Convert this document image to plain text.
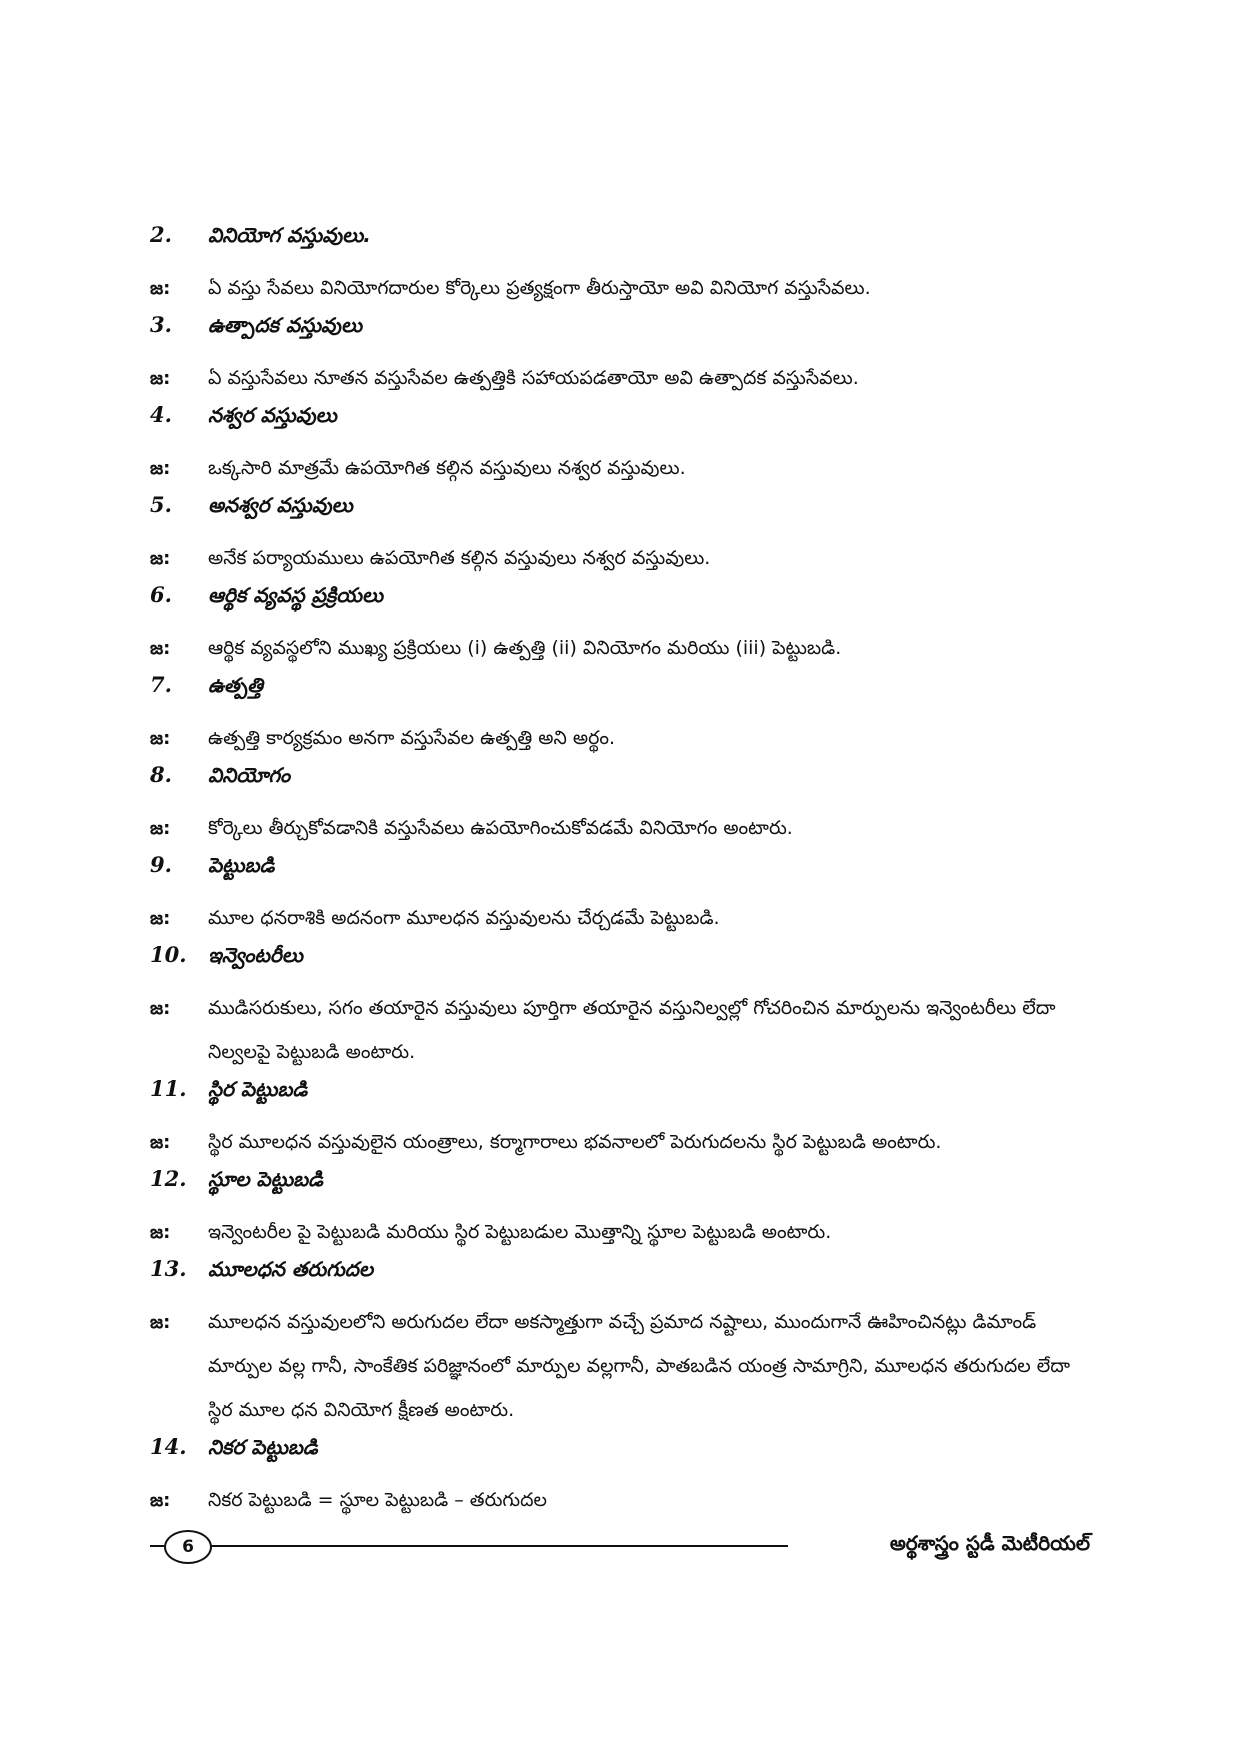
2.	వినియోగ వస్తువులు.
జ:	ఏ వస్తు సేవలు వినియోగదారుల కోర్కెలు ప్రత్యక్షంగా తీరుస్తాయో అవి వినియోగ వస్తుసేవలు.
3.	ఉత్పాదక వస్తువులు
జ:	ఏ వస్తుసేవలు నూతన వస్తుసేవల ఉత్పత్తికి సహాయపడతాయో అవి ఉత్పాదక వస్తుసేవలు.
4.	నశ్వర వస్తువులు
జ:	ఒక్కసారి మాత్రమే ఉపయోగిత కల్గిన వస్తువులు నశ్వర వస్తువులు.
5.	అనశ్వర వస్తువులు
జ:	అనేక పర్యాయములు ఉపయోగిత కల్గిన వస్తువులు నశ్వర వస్తువులు.
6.	ఆర్థిక వ్యవస్థ ప్రక్రియలు
జ:	ఆర్థిక వ్యవస్థలోని ముఖ్య ప్రక్రియలు (i) ఉత్పత్తి (ii) వినియోగం మరియు (iii) పెట్టుబడి.
7.	ఉత్పత్తి
జ:	ఉత్పత్తి కార్యక్రమం అనగా వస్తుసేవల ఉత్పత్తి అని అర్థం.
8.	వినియోగం
జ:	కోర్కెలు తీర్చుకోవడానికి వస్తుసేవలు ఉపయోగించుకోవడమే వినియోగం అంటారు.
9.	పెట్టుబడి
జ:	మూల ధనరాశికి అదనంగా మూలధన వస్తువులను చేర్చడమే పెట్టుబడి.
10.	ఇన్వెంటరీలు
జ:	ముడిసరుకులు, సగం తయారైన వస్తువులు పూర్తిగా తయారైన వస్తునిల్వల్లో గోచరించిన మార్పులను ఇన్వెంటరీలు లేదా నిల్వలపై పెట్టుబడి అంటారు.
11.	స్థిర పెట్టుబడి
జ:	స్థిర మూలధన వస్తువులైన యంత్రాలు, కర్మాగారాలు భవనాలలో పెరుగుదలను స్థిర పెట్టుబడి అంటారు.
12.	స్థూల పెట్టుబడి
జ:	ఇన్వెంటరీల పై పెట్టుబడి మరియు స్థిర పెట్టుబడుల మొత్తాన్ని స్థూల పెట్టుబడి అంటారు.
13.	మూలధన తరుగుదల
జ:	మూలధన వస్తువులలోని అరుగుదల లేదా అకస్మాత్తుగా వచ్చే ప్రమాద నష్టాలు, ముందుగానే ఊహించినట్లు డిమాండ్ మార్పుల వల్ల గానీ, సాంకేతిక పరిజ్ఞానంలో మార్పుల వల్లగానీ, పాతబడిన యంత్ర సామాగ్రిని, మూలధన తరుగుదల లేదా స్థిర మూల ధన వినియోగ క్షీణత అంటారు.
14.	నికర పెట్టుబడి
జ:	నికర పెట్టుబడి = స్థూల పెట్టుబడి – తరుగుదల
6	అర్థశాస్త్రం స్టడీ మెటీరియల్
